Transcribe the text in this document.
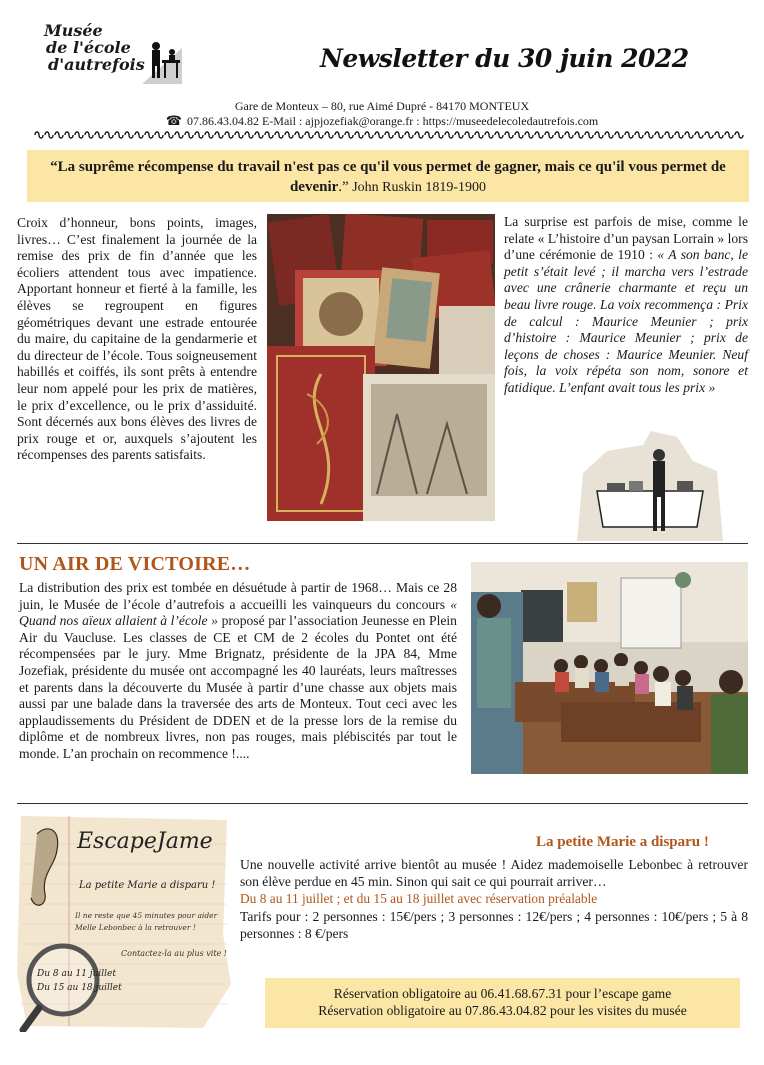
Musée
de l'école
d'autrefois	Newsletter du 30 juin 2022
Gare de Monteux – 80, rue Aimé Dupré - 84170 MONTEUX
☎ 07.86.43.04.82 E-Mail : ajpjozefiak@orange.fr : https://museedelecoledautrefois.com
“La suprême récompense du travail n'est pas ce qu'il vous permet de gagner, mais ce qu'il vous permet de devenir.” John Ruskin 1819-1900
Croix d’honneur, bons points, images, livres… C’est finalement la journée de la remise des prix de fin d’année que les écoliers attendent tous avec impatience. Apportant honneur et fierté à la famille, les élèves se regroupent en figures géométriques devant une estrade entourée du maire, du capitaine de la gendarmerie et du directeur de l’école. Tous soigneusement habillés et coiffés, ils sont prêts à entendre leur nom appelé pour les prix de matières, le prix d’excellence, ou le prix d’assiduité. Sont décernés aux bons élèves des livres de prix rouge et or, auxquels s’ajoutent les récompenses des parents satisfaits.
La surprise est parfois de mise, comme le relate « L’histoire d’un paysan Lorrain » lors d’une cérémonie de 1910 : « A son banc, le petit s’était levé ; il marcha vers l’estrade avec une crânerie charmante et reçu un beau livre rouge. La voix recommença : Prix de calcul : Maurice Meunier ; prix d’histoire : Maurice Meunier ; prix de leçons de choses : Maurice Meunier. Neuf fois, la voix répéta son nom, sonore et fatidique. L’enfant avait tous les prix »
UN AIR DE VICTOIRE…
La distribution des prix est tombée en désuétude à partir de 1968… Mais ce 28 juin, le Musée de l’école d’autrefois a accueilli les vainqueurs du concours « Quand nos aïeux allaient à l’école » proposé par l’association Jeunesse en Plein Air du Vaucluse. Les classes de CE et CM de 2 écoles du Pontet ont été récompensées par le jury. Mme Brignatz, présidente de la JPA 84, Mme Jozefiak, présidente du musée ont accompagné les 40 lauréats, leurs maîtresses et parents dans la découverte du Musée à partir d’une chasse aux objets mais aussi par une balade dans la traversée des arts de Monteux. Tout ceci avec les applaudissements du Président de DDEN et de la presse lors de la remise du diplôme et de nombreux livres, non pas rouges, mais plébiscités par tout le monde. L’an prochain on recommence !....
EscapeJame
La petite Marie a disparu !
Il ne reste que 45 minutes pour aider
Melle Lebonbec à la retrouver !
Contactez-la au plus vite !
Du 8 au 11 juillet
Du 15 au 18 juillet
La petite Marie a disparu !
Une nouvelle activité arrive bientôt au musée ! Aidez mademoiselle Lebonbec à retrouver son élève perdue en 45 min. Sinon qui sait ce qui pourrait arriver…
Du 8 au 11 juillet ; et du 15 au 18 juillet avec réservation préalable
Tarifs pour : 2 personnes : 15€/pers ; 3 personnes : 12€/pers ; 4 personnes : 10€/pers ; 5 à 8 personnes : 8 €/pers
Réservation obligatoire au 06.41.68.67.31 pour l’escape game
Réservation obligatoire au 07.86.43.04.82 pour les visites du musée
